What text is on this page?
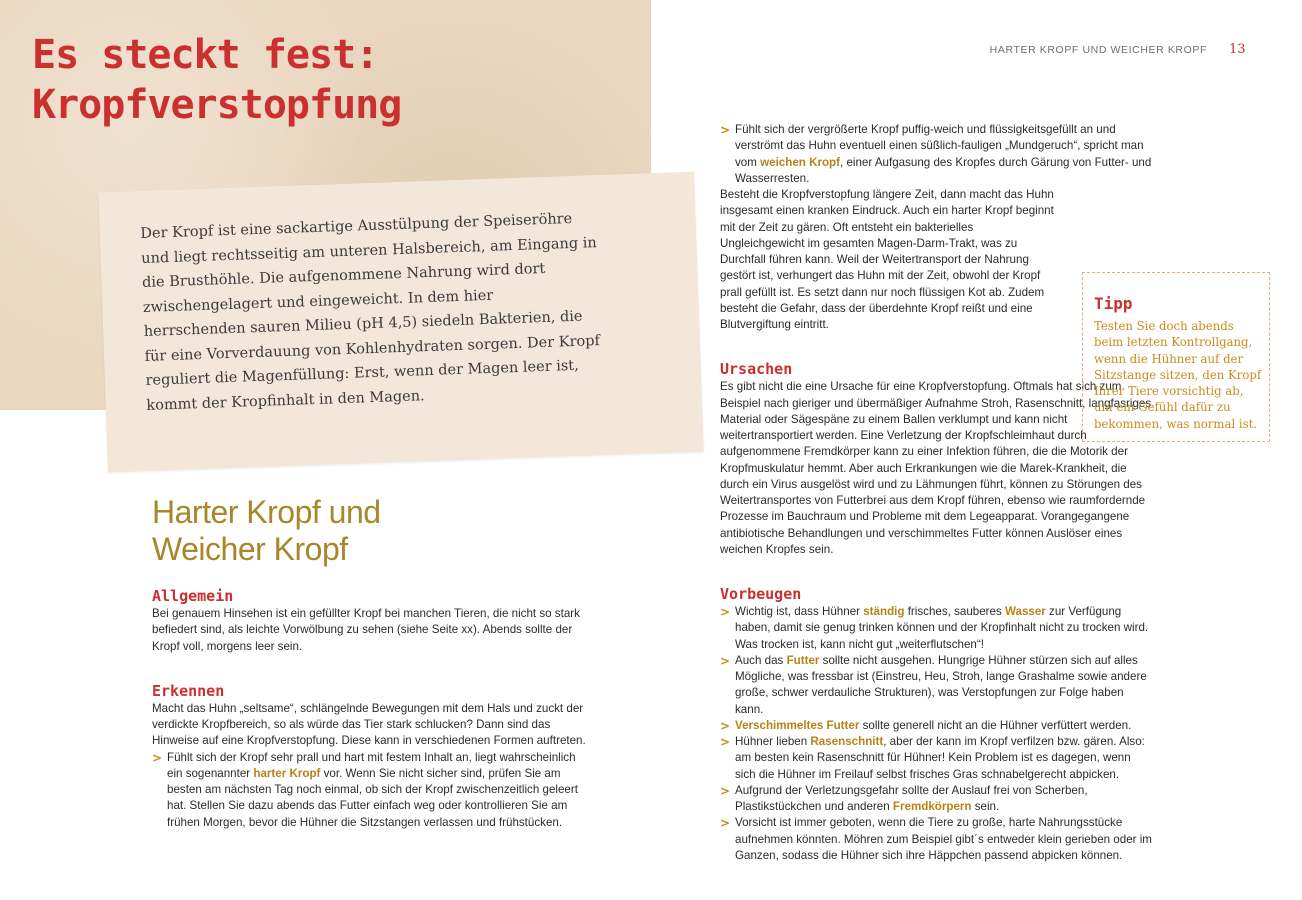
Es steckt fest:
Kropfverstopfung

Der Kropf ist eine sackartige Ausstülpung der Speiseröhre und liegt rechtsseitig am unteren Halsbereich, am Eingang in die Brusthöhle. Die aufgenommene Nahrung wird dort zwischengelagert und eingeweicht. In dem hier herrschenden sauren Milieu (pH 4,5) siedeln Bakterien, die für eine Vorverdauung von Kohlenhydraten sorgen. Der Kropf reguliert die Magenfüllung: Erst, wenn der Magen leer ist, kommt der Kropfinhalt in den Magen.

Harter Kropf und
Weicher Kropf
Allgemein

Bei genauem Hinsehen ist ein gefüllter Kropf bei manchen Tieren, die nicht so stark befiedert sind, als leichte Vorwölbung zu sehen (siehe Seite xx). Abends sollte der Kropf voll, morgens leer sein.

Erkennen

Macht das Huhn „seltsame“, schlängelnde Bewegungen mit dem Hals und zuckt der verdickte Kropfbereich, so als würde das Tier stark schlucken? Dann sind das Hinweise auf eine Kropfverstopfung. Diese kann in verschiedenen Formen auftreten.

> Fühlt sich der Kropf sehr prall und hart mit festem Inhalt an, liegt wahrscheinlich ein sogenannter harter Kropf vor. Wenn Sie nicht sicher sind, prüfen Sie am besten am nächsten Tag noch einmal, ob sich der Kropf zwischenzeitlich geleert hat. Stellen Sie dazu abends das Futter einfach weg oder kontrollieren Sie am frühen Morgen, bevor die Hühner die Sitzstangen verlassen und frühstücken.
HARTER KROPF UND WEICHER KROPF 13
> Fühlt sich der vergrößerte Kropf puffig-weich und flüssigkeitsgefüllt an und verströmt das Huhn eventuell einen süßlich-fauligen „Mundgeruch“, spricht man vom weichen Kropf, einer Aufgasung des Kropfes durch Gärung von Futter- und Wasserresten.

Besteht die Kropfverstopfung längere Zeit, dann macht das Huhn insgesamt einen kranken Eindruck. Auch ein harter Kropf beginnt mit der Zeit zu gären. Oft entsteht ein bakterielles Ungleichgewicht im gesamten Magen-Darm-Trakt, was zu Durchfall führen kann. Weil der Weitertransport der Nahrung gestört ist, verhungert das Huhn mit der Zeit, obwohl der Kropf prall gefüllt ist. Es setzt dann nur noch flüssigen Kot ab. Zudem besteht die Gefahr, dass der überdehnte Kropf reißt und eine Blutvergiftung eintritt.

Ursachen

Es gibt nicht die eine Ursache für eine Kropfverstopfung. Oftmals hat sich zum Beispiel nach gieriger und übermäßiger Aufnahme Stroh, Rasenschnitt, langfasriges Material oder Sägespäne zu einem Ballen verklumpt und kann nicht weitertransportiert werden. Eine Verletzung der Kropfschleimhaut durch aufgenommene Fremdkörper kann zu einer Infektion führen, die die Motorik der Kropfmuskulatur hemmt. Aber auch Erkrankungen wie die Marek-Krankheit, die durch ein Virus ausgelöst wird und zu Lähmungen führt, können zu Störungen des Weitertransportes von Futterbrei aus dem Kropf führen, ebenso wie raumfordernde Prozesse im Bauchraum und Probleme mit dem Legeapparat. Vorangegangene antibiotische Behandlungen und verschimmeltes Futter können Auslöser eines weichen Kropfes sein.

Vorbeugen
> Wichtig ist, dass Hühner ständig frisches, sauberes Wasser zur Verfügung haben, damit sie genug trinken können und der Kropfinhalt nicht zu trocken wird. Was trocken ist, kann nicht gut „weiterflutschen“!
> Auch das Futter sollte nicht ausgehen. Hungrige Hühner stürzen sich auf alles Mögliche, was fressbar ist (Einstreu, Heu, Stroh, lange Grashalme sowie andere große, schwer verdauliche Strukturen), was Verstopfungen zur Folge haben kann.
> Verschimmeltes Futter sollte generell nicht an die Hühner verfüttert werden.
> Hühner lieben Rasenschnitt, aber der kann im Kropf verfilzen bzw. gären. Also: am besten kein Rasenschnitt für Hühner! Kein Problem ist es dagegen, wenn sich die Hühner im Freilauf selbst frisches Gras schnabelgerecht abpicken.
> Aufgrund der Verletzungsgefahr sollte der Auslauf frei von Scherben, Plastikstückchen und anderen Fremdkörpern sein.
> Vorsicht ist immer geboten, wenn die Tiere zu große, harte Nahrungsstücke aufnehmen könnten. Möhren zum Beispiel gibt´s entweder klein gerieben oder im Ganzen, sodass die Hühner sich ihre Häppchen passend abpicken können.
Tipp

Testen Sie doch abends beim letzten Kontrollgang, wenn die Hühner auf der Sitzstange sitzen, den Kropf Ihrer Tiere vorsichtig ab, um ein Gefühl dafür zu bekommen, was normal ist.
